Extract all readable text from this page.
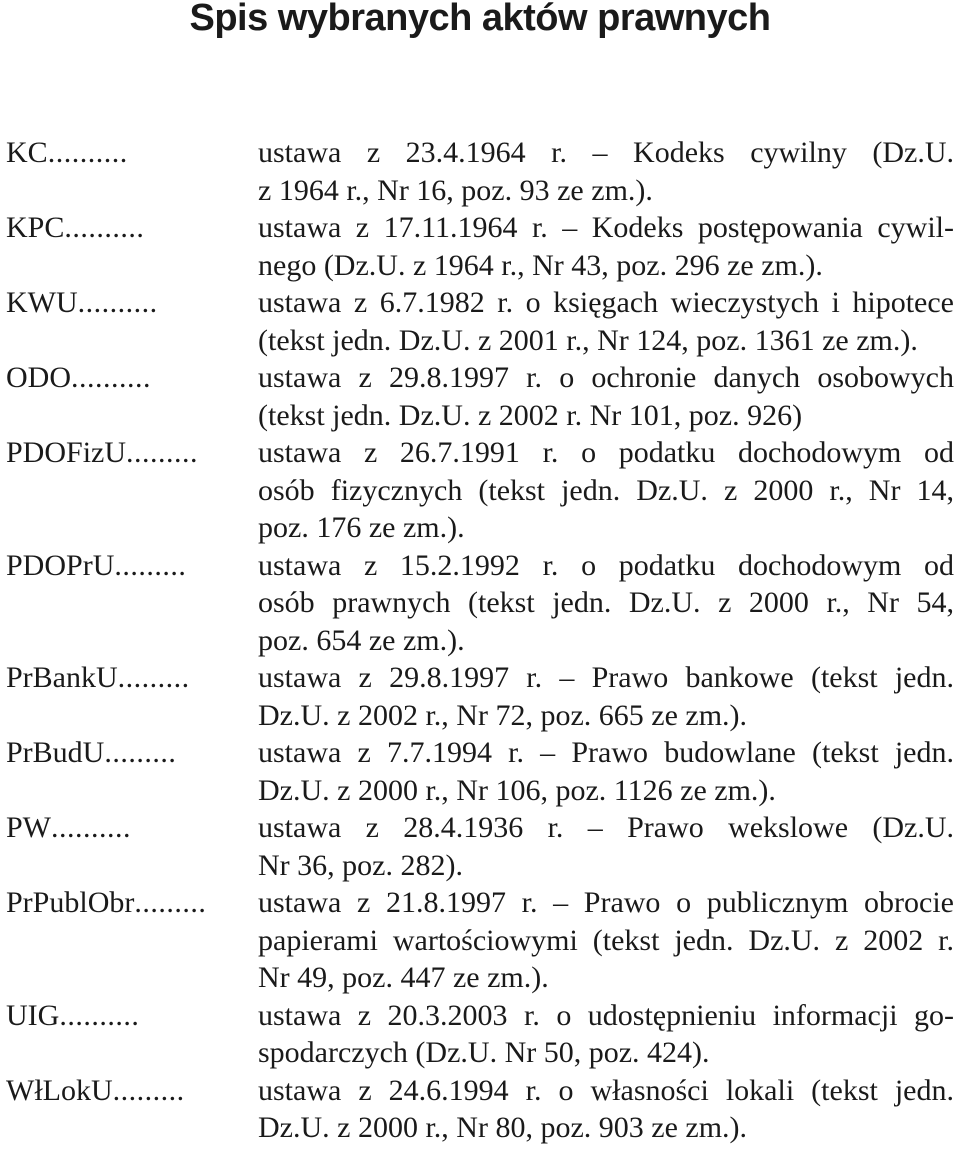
Spis wybranych aktów prawnych
KC..........	ustawa z 23.4.1964 r. – Kodeks cywilny (Dz.U.
z 1964 r., Nr 16, poz. 93 ze zm.).
KPC..........	ustawa z 17.11.1964 r. – Kodeks postępowania cywil-
nego (Dz.U. z 1964 r., Nr 43, poz. 296 ze zm.).
KWU..........	ustawa z 6.7.1982 r. o księgach wieczystych i hipotece
(tekst jedn. Dz.U. z 2001 r., Nr 124, poz. 1361 ze zm.).
ODO..........	ustawa z 29.8.1997 r. o ochronie danych osobowych
(tekst jedn. Dz.U. z 2002 r. Nr 101, poz. 926)
PDOFizU.........	ustawa z 26.7.1991 r. o podatku dochodowym od
osób fizycznych (tekst jedn. Dz.U. z 2000 r., Nr 14,
poz. 176 ze zm.).
PDOPrU.........	ustawa z 15.2.1992 r. o podatku dochodowym od
osób prawnych (tekst jedn. Dz.U. z 2000 r., Nr 54,
poz. 654 ze zm.).
PrBankU.........	ustawa z 29.8.1997 r. – Prawo bankowe (tekst jedn.
Dz.U. z 2002 r., Nr 72, poz. 665 ze zm.).
PrBudU.........	ustawa z 7.7.1994 r. – Prawo budowlane (tekst jedn.
Dz.U. z 2000 r., Nr 106, poz. 1126 ze zm.).
PW..........	ustawa z 28.4.1936 r. – Prawo wekslowe (Dz.U.
Nr 36, poz. 282).
PrPublObr.........	ustawa z 21.8.1997 r. – Prawo o publicznym obrocie
papierami wartościowymi (tekst jedn. Dz.U. z 2002 r.
Nr 49, poz. 447 ze zm.).
UIG..........	ustawa z 20.3.2003 r. o udostępnieniu informacji go-
spodarczych (Dz.U. Nr 50, poz. 424).
WłLokU.........	ustawa z 24.6.1994 r. o własności lokali (tekst jedn.
Dz.U. z 2000 r., Nr 80, poz. 903 ze zm.).
